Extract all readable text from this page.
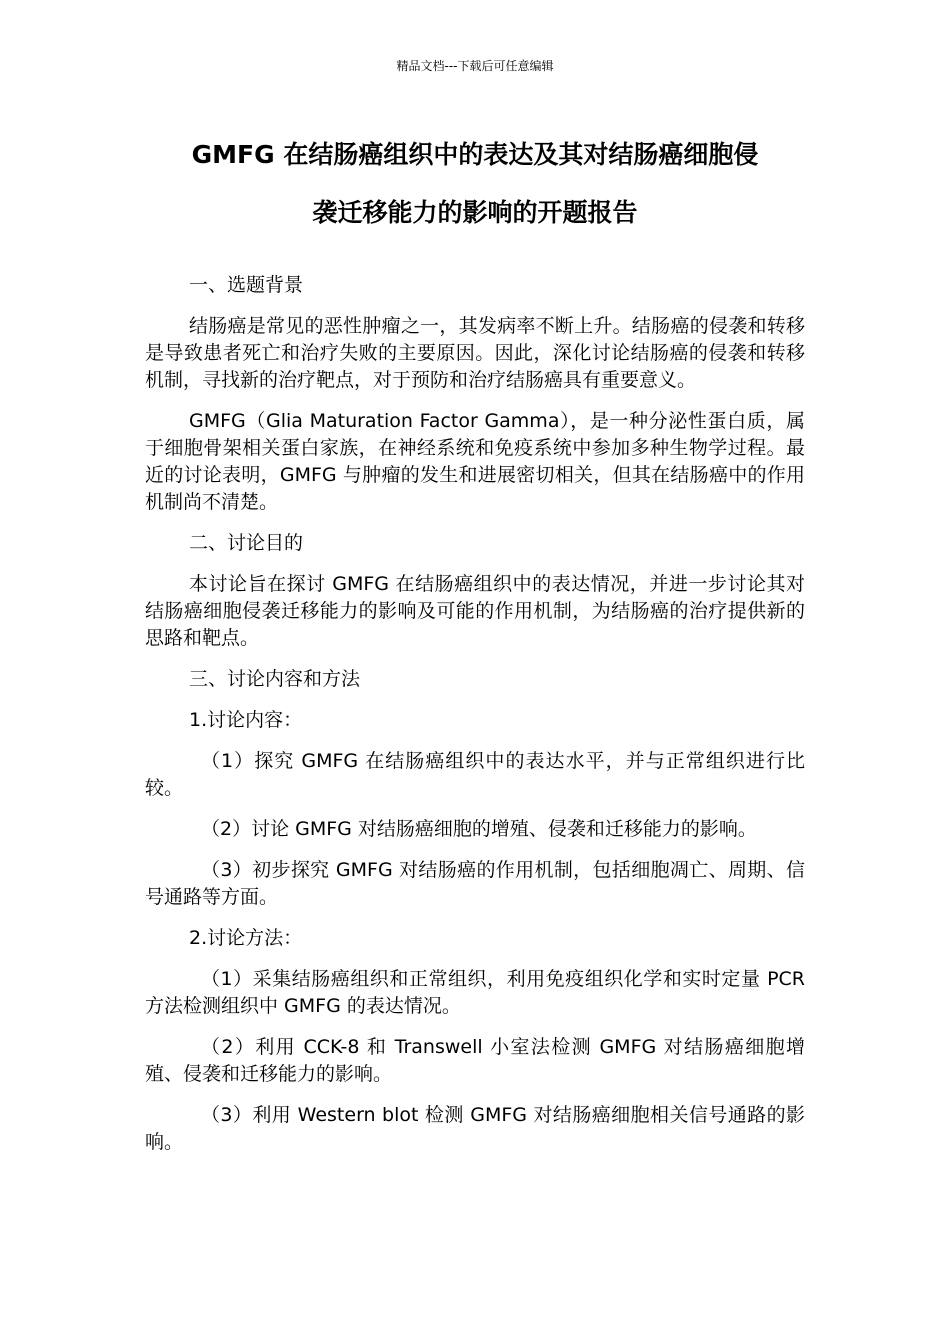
精品文档---下载后可任意编辑
GMFG 在结肠癌组织中的表达及其对结肠癌细胞侵
袭迁移能力的影响的开题报告

一、选题背景

结肠癌是常见的恶性肿瘤之一，其发病率不断上升。结肠癌的侵袭和转移是导致患者死亡和治疗失败的主要原因。因此，深化讨论结肠癌的侵袭和转移机制，寻找新的治疗靶点，对于预防和治疗结肠癌具有重要意义。

GMFG（Glia Maturation Factor Gamma），是一种分泌性蛋白质，属于细胞骨架相关蛋白家族，在神经系统和免疫系统中参加多种生物学过程。最近的讨论表明，GMFG 与肿瘤的发生和进展密切相关，但其在结肠癌中的作用机制尚不清楚。

二、讨论目的

本讨论旨在探讨 GMFG 在结肠癌组织中的表达情况，并进一步讨论其对结肠癌细胞侵袭迁移能力的影响及可能的作用机制，为结肠癌的治疗提供新的思路和靶点。

三、讨论内容和方法

1.讨论内容：

（1）探究 GMFG 在结肠癌组织中的表达水平，并与正常组织进行比较。

（2）讨论 GMFG 对结肠癌细胞的增殖、侵袭和迁移能力的影响。

（3）初步探究 GMFG 对结肠癌的作用机制，包括细胞凋亡、周期、信号通路等方面。

2.讨论方法：

（1）采集结肠癌组织和正常组织，利用免疫组织化学和实时定量 PCR 方法检测组织中 GMFG 的表达情况。

（2）利用 CCK-8 和 Transwell 小室法检测 GMFG 对结肠癌细胞增殖、侵袭和迁移能力的影响。

（3）利用 Western blot 检测 GMFG 对结肠癌细胞相关信号通路的影响。
